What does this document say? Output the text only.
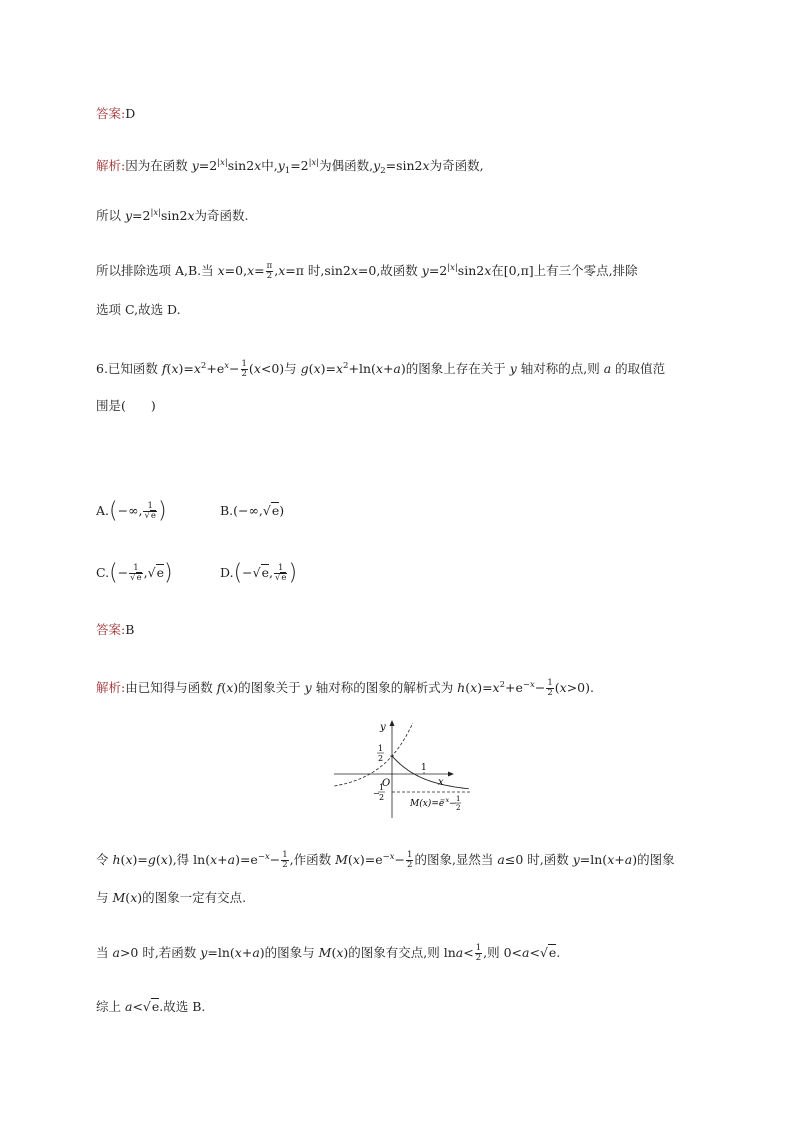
答案:D
解析:因为在函数 $y=2^{|x|}\sin 2x$中$,y_1=2^{|x|}$为偶函数$,y_2=\sin 2x$为奇函数,
所以 $y=2^{|x|}\sin 2x$为奇函数.
所以排除选项 A,B.当 $x=0,x= \frac{\pi}{2} ,x=\pi$ 时,sin2x=0,故函数 $y=2^{|x|}\sin 2x$在[0,π]上有三个零点,排除
选项 C,故选 D.
6.已知函数 $f(x)=x^2+e^x- \frac{1}{2} (x<0)$与 $g(x)=x^2+\ln(x+a)$的图象上存在关于 y 轴对称的点,则 a 的取值范
围是(　　)
A.(−∞, $\frac{1}{√e}$ )	B.(−∞,√e)
$C.(- \frac{1}{√e} ,√e)$	D.(−√e, $\frac{1}{√e}$ )
答案:B
解析:由已知得与函数 f(x)的图象关于 y 轴对称的图象的解析式为 $h(x)=x^2+e^{-x}- \frac{1}{2} (x>0)$.
y
x
O
1
2
−
1
2
1
M(x)=e
−x − 1
2
令 h(x)=g(x),得 $\ln(x+a)=e^{-x}- \frac{1}{2}$ ,作函数 $M(x)=e^{-x}- \frac{1}{2}$ 的图象,显然当 a≤0 时,函数 y=ln(x+a)的图象
与 M(x)的图象一定有交点.
当 a>0 时,若函数 y=ln(x+a)的图象与 M(x)的图象有交点,则 $\ln a< \frac{1}{2}$ ,则 0<a<√e.
综上 a<√e.故选 B.
